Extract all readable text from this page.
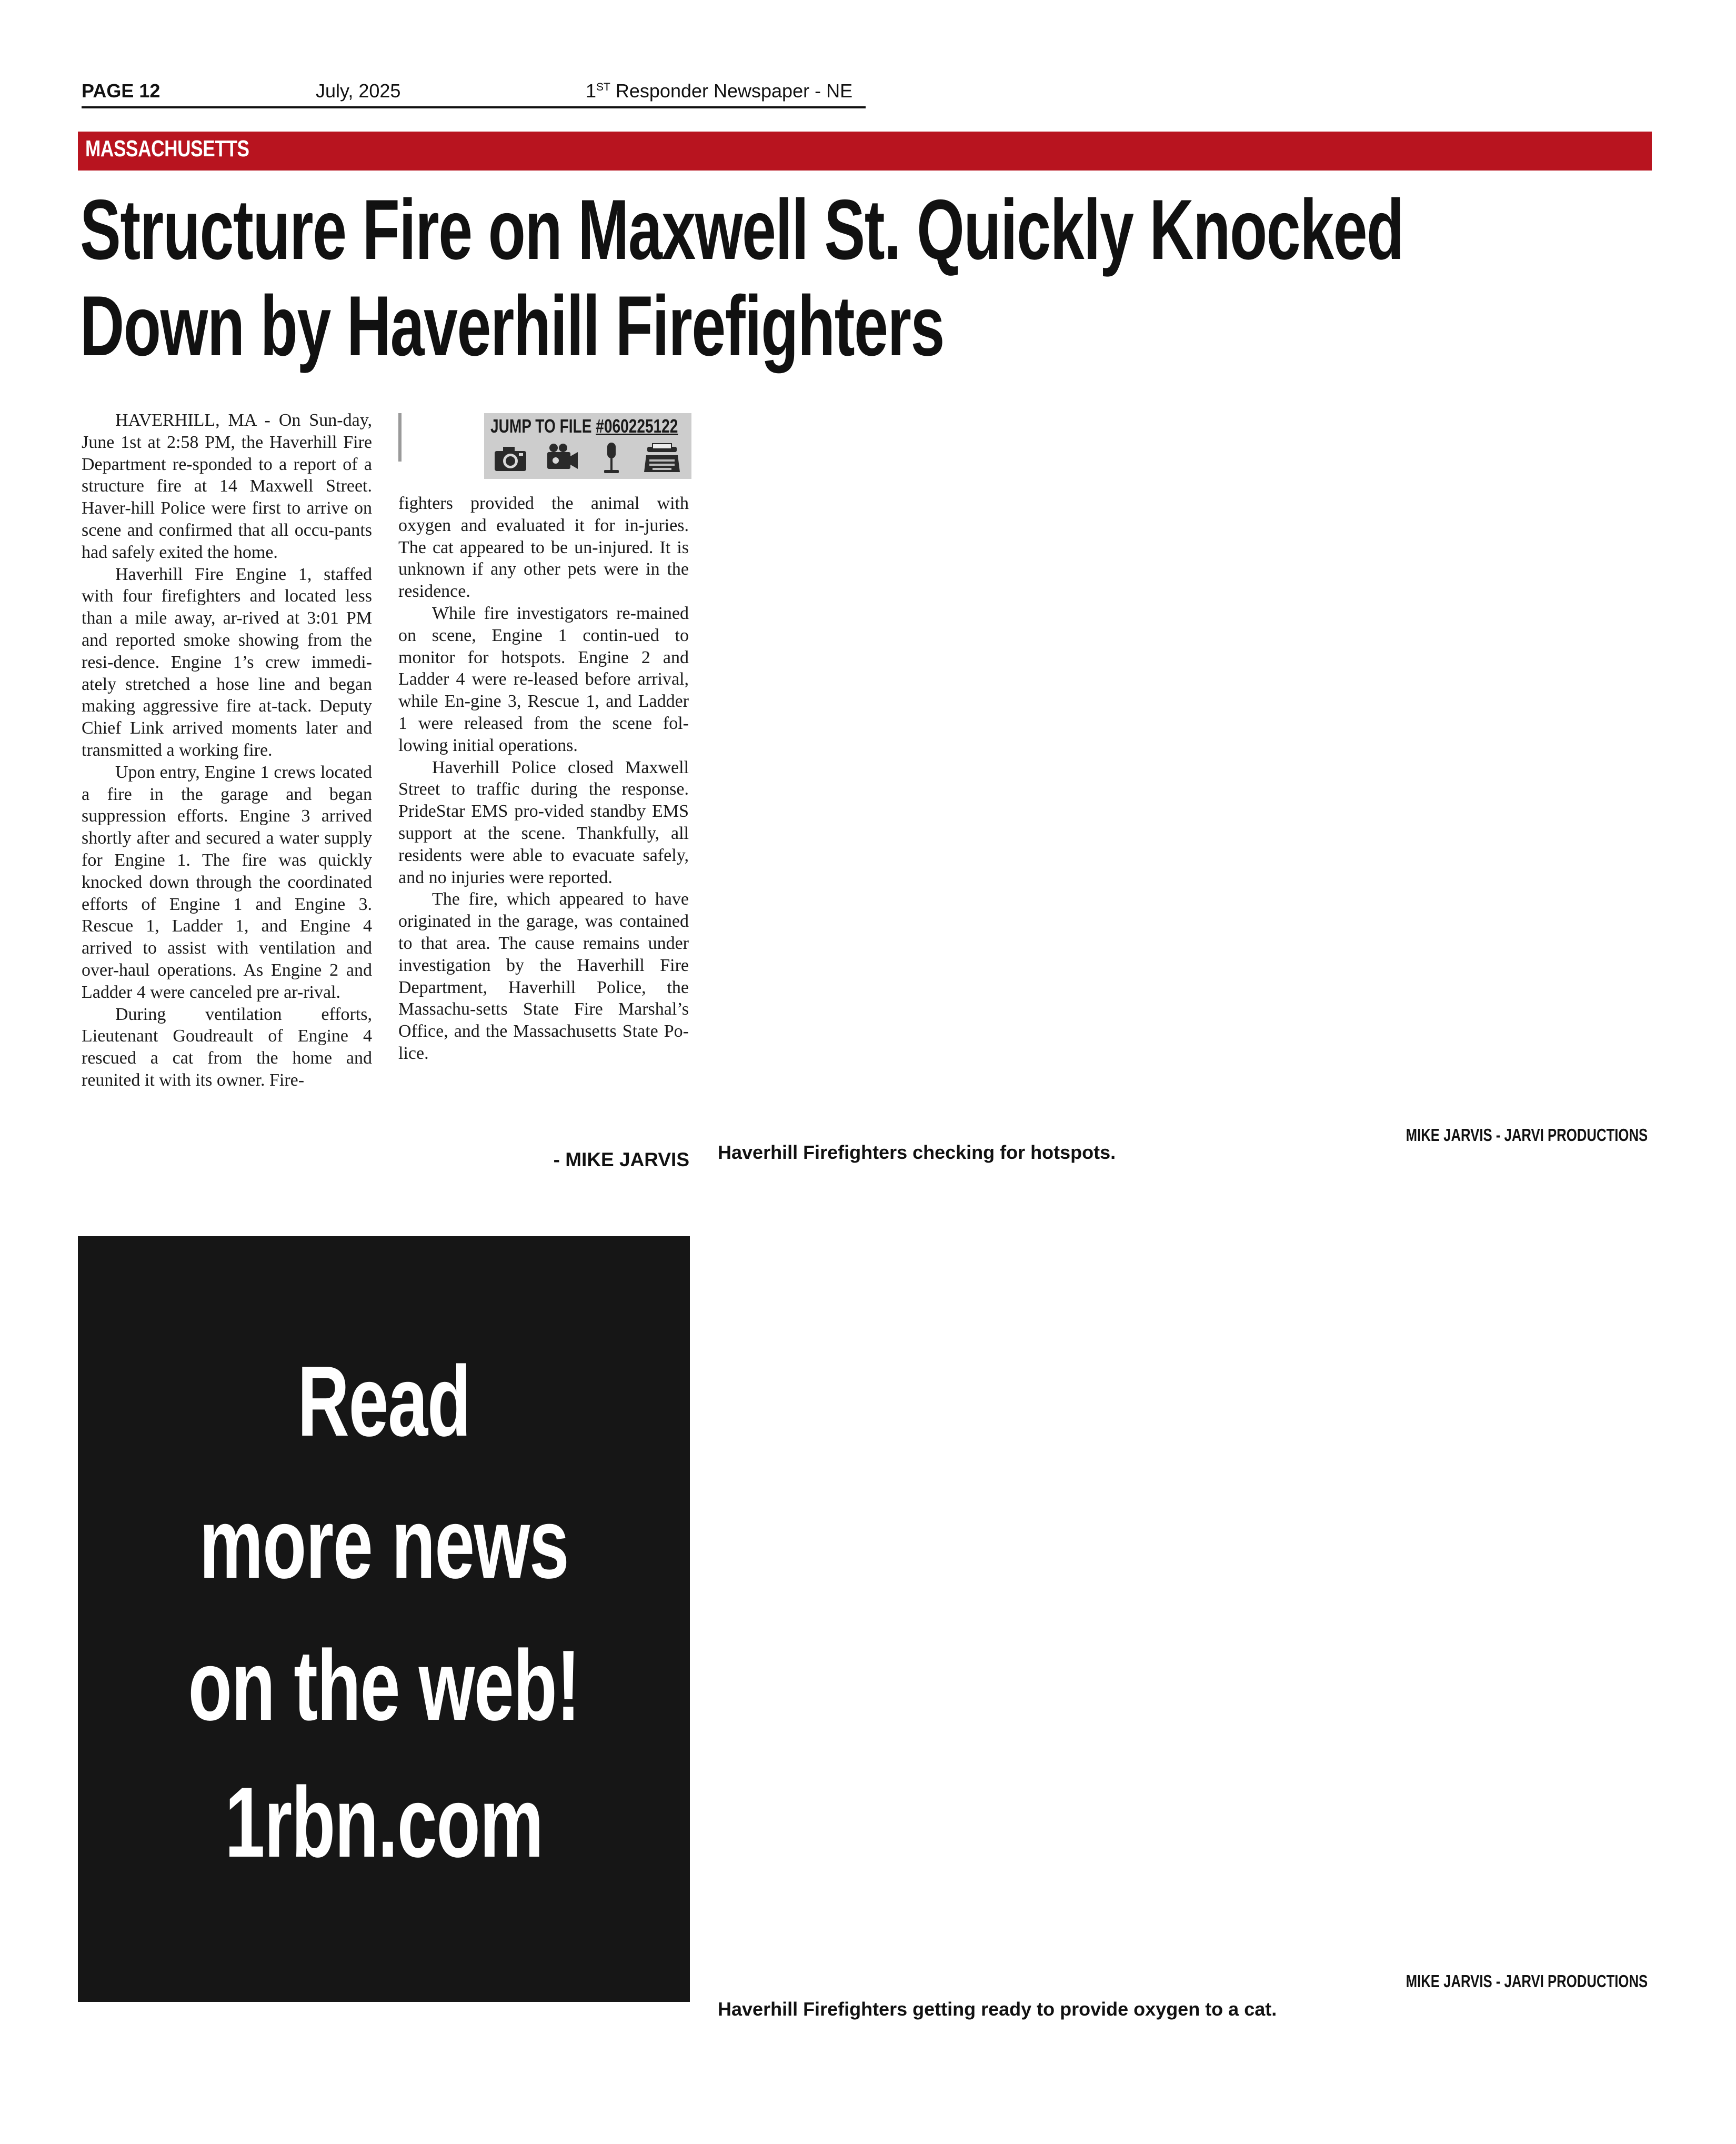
PAGE 12	July, 2025	1ST Responder Newspaper - NE
MASSACHUSETTS
Structure Fire on Maxwell St. Quickly Knocked
Down by Haverhill Firefighters

HAVERHILL, MA - On Sun-day, June 1st at 2:58 PM, the Haverhill Fire Department re-sponded to a report of a structure fire at 14 Maxwell Street. Haver-hill Police were first to arrive on scene and confirmed that all occu-pants had safely exited the home.

Haverhill Fire Engine 1, staffed with four firefighters and located less than a mile away, ar-rived at 3:01 PM and reported smoke showing from the resi-dence. Engine 1’s crew immedi-ately stretched a hose line and began making aggressive fire at-tack. Deputy Chief Link arrived moments later and transmitted a working fire.

Upon entry, Engine 1 crews located a fire in the garage and began suppression efforts. Engine 3 arrived shortly after and secured a water supply for Engine 1. The fire was quickly knocked down through the coordinated efforts of Engine 1 and Engine 3. Rescue 1, Ladder 1, and Engine 4 arrived to assist with ventilation and over-haul operations. As Engine 2 and Ladder 4 were canceled pre ar-rival.

During ventilation efforts, Lieutenant Goudreault of Engine 4 rescued a cat from the home and reunited it with its owner. Fire-

JUMP TO FILE #060225122

fighters provided the animal with oxygen and evaluated it for in-juries. The cat appeared to be un-injured. It is unknown if any other pets were in the residence.

While fire investigators re-mained on scene, Engine 1 contin-ued to monitor for hotspots. Engine 2 and Ladder 4 were re-leased before arrival, while En-gine 3, Rescue 1, and Ladder 1 were released from the scene fol-lowing initial operations.

Haverhill Police closed Maxwell Street to traffic during the response. PrideStar EMS pro-vided standby EMS support at the scene. Thankfully, all residents were able to evacuate safely, and no injuries were reported.

The fire, which appeared to have originated in the garage, was contained to that area. The cause remains under investigation by the Haverhill Fire Department, Haverhill Police, the Massachu-setts State Fire Marshal’s Office, and the Massachusetts State Po-lice.

- MIKE JARVIS
MIKE JARVIS - JARVI PRODUCTIONS
Haverhill Firefighters checking for hotspots.
MIKE JARVIS - JARVI PRODUCTIONS
Haverhill Firefighters getting ready to provide oxygen to a cat.
Read
more news
on the web!
1rbn.com
